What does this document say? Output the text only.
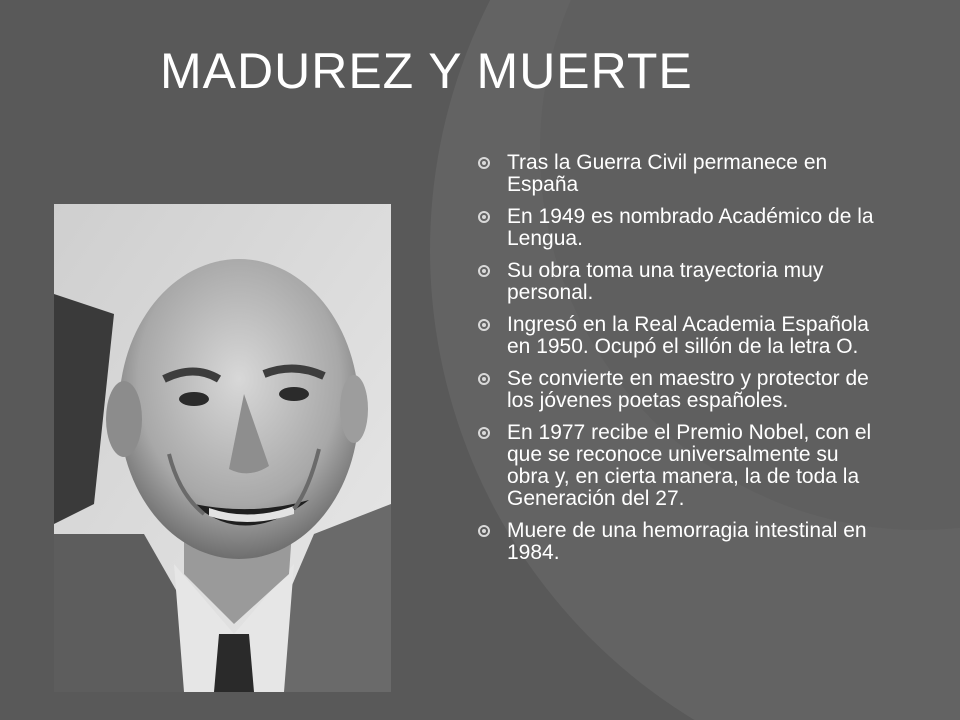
MADUREZ Y MUERTE
Tras la Guerra Civil permanece en España
En 1949 es nombrado Académico de la Lengua.
Su obra toma una trayectoria muy personal.
Ingresó en la Real Academia Española en 1950. Ocupó el sillón de la letra O.
Se convierte en maestro y protector de los jóvenes poetas españoles.
En 1977 recibe el Premio Nobel, con el que se reconoce universalmente su obra y, en cierta manera, la de toda la Generación del 27.
Muere de una hemorragia intestinal en 1984.
